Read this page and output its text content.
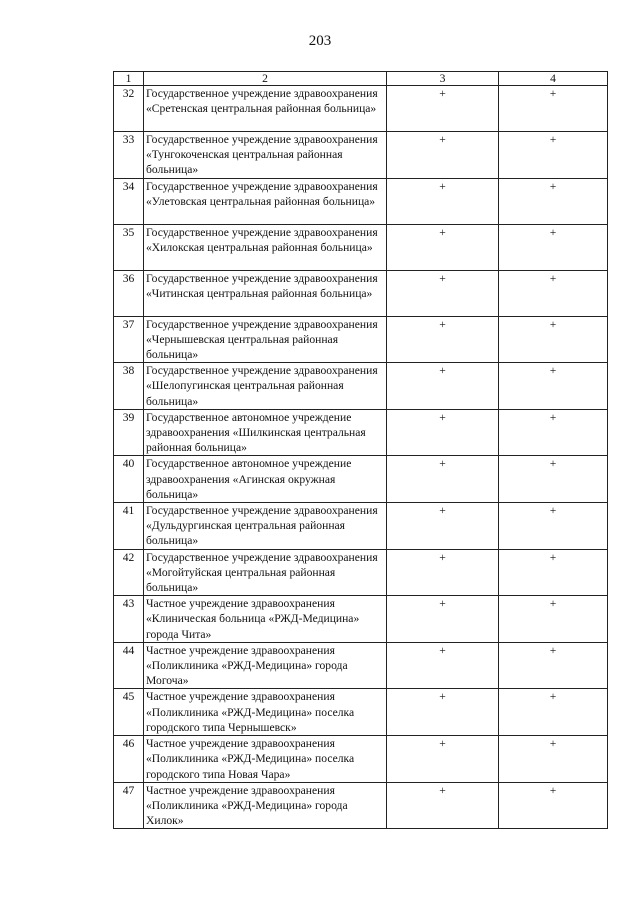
203
1	2	3	4
32	Государственное учреждение здравоохранения «Сретенская центральная районная больница»	+	+
33	Государственное учреждение здравоохранения «Тунгокоченская центральная районная больница»	+	+
34	Государственное учреждение здравоохранения «Улетовская центральная районная больница»	+	+
35	Государственное учреждение здравоохранения «Хилокская центральная районная больница»	+	+
36	Государственное учреждение здравоохранения «Читинская центральная районная больница»	+	+
37	Государственное учреждение здравоохранения «Чернышевская центральная районная больница»	+	+
38	Государственное учреждение здравоохранения «Шелопугинская центральная районная больница»	+	+
39	Государственное автономное учреждение здравоохранения «Шилкинская центральная районная больница»	+	+
40	Государственное автономное учреждение здравоохранения «Агинская окружная больница»	+	+
41	Государственное учреждение здравоохранения «Дульдургинская центральная районная больница»	+	+
42	Государственное учреждение здравоохранения «Могойтуйская центральная районная больница»	+	+
43	Частное учреждение здравоохранения «Клиническая больница «РЖД-Медицина» города Чита»	+	+
44	Частное учреждение здравоохранения «Поликлиника «РЖД-Медицина» города Могоча»	+	+
45	Частное учреждение здравоохранения «Поликлиника «РЖД-Медицина» поселка городского типа Чернышевск»	+	+
46	Частное учреждение здравоохранения «Поликлиника «РЖД-Медицина» поселка городского типа Новая Чара»	+	+
47	Частное учреждение здравоохранения «Поликлиника «РЖД-Медицина» города Хилок»	+	+
